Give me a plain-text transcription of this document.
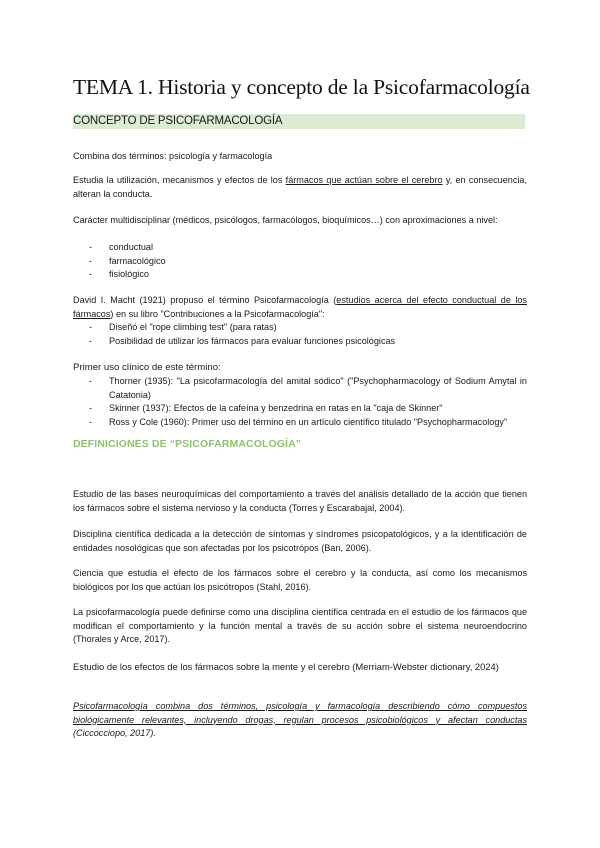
TEMA 1. Historia y concepto de la Psicofarmacología
CONCEPTO DE PSICOFARMACOLOGÍA

Combina dos términos: psicología y farmacología

Estudia la utilización, mecanismos y efectos de los fármacos que actúan sobre el cerebro y, en consecuencia, alteran la conducta.

Carácter multidisciplinar (médicos, psicólogos, farmacólogos, bioquímicos…) con aproximaciones a nivel:

- conductual
- farmacológico
- fisiológico

David I. Macht (1921) propuso el término Psicofarmacología (estudios acerca del efecto conductual de los fármacos) en su libro "Contribuciones a la Psicofarmacología":

- Diseñó el "rope climbing test" (para ratas)
- Posibilidad de utilizar los fármacos para evaluar funciones psicológicas

Primer uso clínico de este término:

- Thorner (1935): "La psicofarmacología del amital sódico" ("Psychopharmacology of Sodium Amytal in Catatonia)
- Skinner (1937): Efectos de la cafeína y benzedrina en ratas en la "caja de Skinner"
- Ross y Cole (1960): Primer uso del término en un artículo científico titulado "Psychopharmacology"
DEFINICIONES DE “PSICOFARMACOLOGÍA”

Estudio de las bases neuroquímicas del comportamiento a través del análisis detallado de la acción que tienen los fármacos sobre el sistema nervioso y la conducta (Torres y Escarabajal, 2004).

Disciplina científica dedicada a la detección de síntomas y síndromes psicopatológicos, y a la identificación de entidades nosológicas que son afectadas por los psicotrópos (Ban, 2006).

Ciencia que estudia el efecto de los fármacos sobre el cerebro y la conducta, así como los mecanismos biológicos por los que actúan los psicótropos (Stahl, 2016).

La psicofarmacología puede definirse como una disciplina científica centrada en el estudio de los fármacos que modifican el comportamiento y la función mental a través de su acción sobre el sistema neuroendocrino (Thorales y Arce, 2017).

Estudio de los efectos de los fármacos sobre la mente y el cerebro (Merriam-Webster dictionary, 2024)

Psicofarmacología combina dos términos, psicología y farmacología describiendo cómo compuestos biológicamente relevantes, incluyendo drogas, regulan procesos psicobiológicos y afectan conductas (Ciccocciopo, 2017).
